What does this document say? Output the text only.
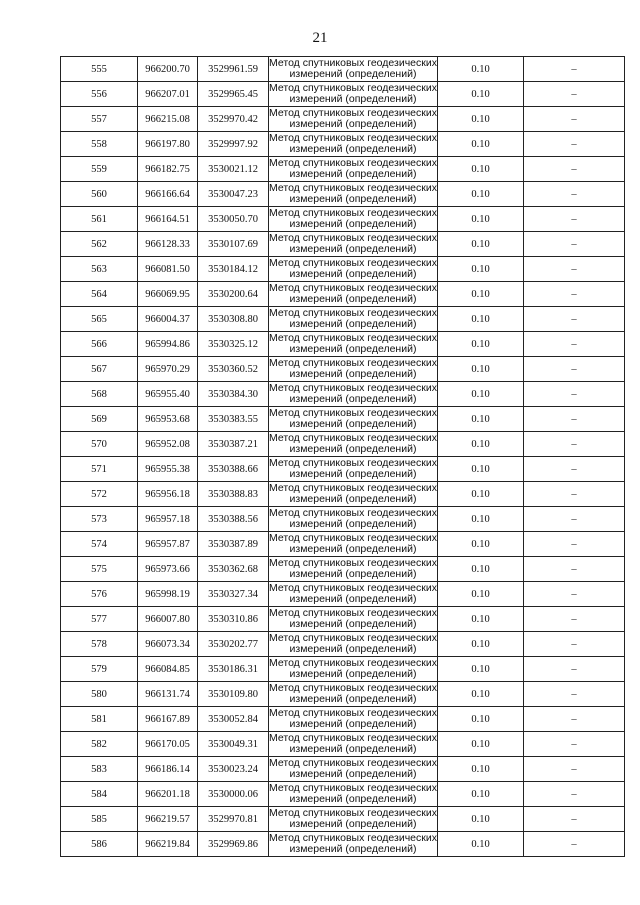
21
555	966200.70	3529961.59	Метод спутниковых геодезических измерений (определений)	0.10	–
556	966207.01	3529965.45	Метод спутниковых геодезических измерений (определений)	0.10	–
557	966215.08	3529970.42	Метод спутниковых геодезических измерений (определений)	0.10	–
558	966197.80	3529997.92	Метод спутниковых геодезических измерений (определений)	0.10	–
559	966182.75	3530021.12	Метод спутниковых геодезических измерений (определений)	0.10	–
560	966166.64	3530047.23	Метод спутниковых геодезических измерений (определений)	0.10	–
561	966164.51	3530050.70	Метод спутниковых геодезических измерений (определений)	0.10	–
562	966128.33	3530107.69	Метод спутниковых геодезических измерений (определений)	0.10	–
563	966081.50	3530184.12	Метод спутниковых геодезических измерений (определений)	0.10	–
564	966069.95	3530200.64	Метод спутниковых геодезических измерений (определений)	0.10	–
565	966004.37	3530308.80	Метод спутниковых геодезических измерений (определений)	0.10	–
566	965994.86	3530325.12	Метод спутниковых геодезических измерений (определений)	0.10	–
567	965970.29	3530360.52	Метод спутниковых геодезических измерений (определений)	0.10	–
568	965955.40	3530384.30	Метод спутниковых геодезических измерений (определений)	0.10	–
569	965953.68	3530383.55	Метод спутниковых геодезических измерений (определений)	0.10	–
570	965952.08	3530387.21	Метод спутниковых геодезических измерений (определений)	0.10	–
571	965955.38	3530388.66	Метод спутниковых геодезических измерений (определений)	0.10	–
572	965956.18	3530388.83	Метод спутниковых геодезических измерений (определений)	0.10	–
573	965957.18	3530388.56	Метод спутниковых геодезических измерений (определений)	0.10	–
574	965957.87	3530387.89	Метод спутниковых геодезических измерений (определений)	0.10	–
575	965973.66	3530362.68	Метод спутниковых геодезических измерений (определений)	0.10	–
576	965998.19	3530327.34	Метод спутниковых геодезических измерений (определений)	0.10	–
577	966007.80	3530310.86	Метод спутниковых геодезических измерений (определений)	0.10	–
578	966073.34	3530202.77	Метод спутниковых геодезических измерений (определений)	0.10	–
579	966084.85	3530186.31	Метод спутниковых геодезических измерений (определений)	0.10	–
580	966131.74	3530109.80	Метод спутниковых геодезических измерений (определений)	0.10	–
581	966167.89	3530052.84	Метод спутниковых геодезических измерений (определений)	0.10	–
582	966170.05	3530049.31	Метод спутниковых геодезических измерений (определений)	0.10	–
583	966186.14	3530023.24	Метод спутниковых геодезических измерений (определений)	0.10	–
584	966201.18	3530000.06	Метод спутниковых геодезических измерений (определений)	0.10	–
585	966219.57	3529970.81	Метод спутниковых геодезических измерений (определений)	0.10	–
586	966219.84	3529969.86	Метод спутниковых геодезических измерений (определений)	0.10	–
